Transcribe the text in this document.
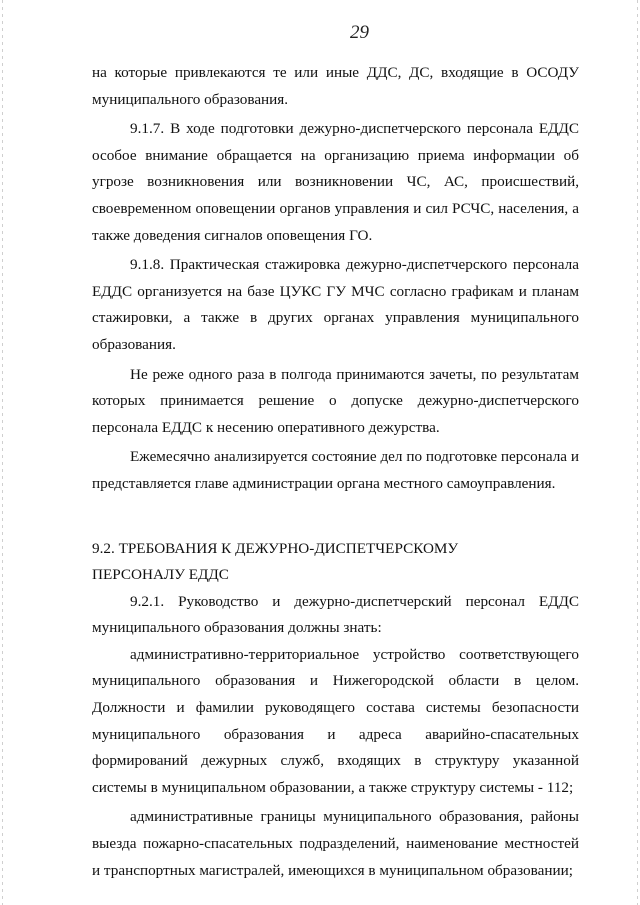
29

на которые привлекаются те или иные ДДС, ДС, входящие в ОСОДУ муниципального образования.

9.1.7. В ходе подготовки дежурно-диспетчерского персонала ЕДДС особое внимание обращается на организацию приема информации об угрозе возникновения или возникновении ЧС, АС, происшествий, своевременном оповещении органов управления и сил РСЧС, населения, а также доведения сигналов оповещения ГО.

9.1.8. Практическая стажировка дежурно-диспетчерского персонала ЕДДС организуется на базе ЦУКС ГУ МЧС согласно графикам и планам стажировки, а также в других органах управления муниципального образования.

Не реже одного раза в полгода принимаются зачеты, по результатам которых принимается решение о допуске дежурно-диспетчерского персонала ЕДДС к несению оперативного дежурства.

Ежемесячно анализируется состояние дел по подготовке персонала и представляется главе администрации органа местного самоуправления.

9.2. ТРЕБОВАНИЯ К ДЕЖУРНО-ДИСПЕТЧЕРСКОМУ
ПЕРСОНАЛУ ЕДДС

9.2.1. Руководство и дежурно-диспетчерский персонал ЕДДС муниципального образования должны знать:

административно-территориальное устройство соответствующего муниципального образования и Нижегородской области в целом. Должности и фамилии руководящего состава системы безопасности муниципального образования и адреса аварийно-спасательных формирований дежурных служб, входящих в структуру указанной системы в муниципальном образовании, а также структуру системы - 112;

административные границы муниципального образования, районы выезда пожарно-спасательных подразделений, наименование местностей и транспортных магистралей, имеющихся в муниципальном образовании;
